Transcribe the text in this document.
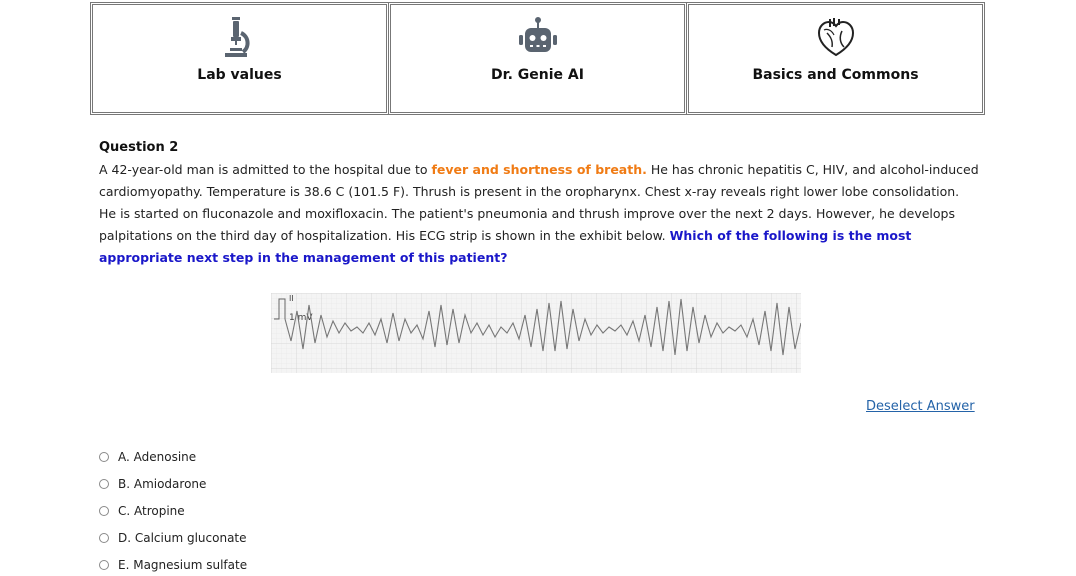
Lab values	Dr. Genie AI	Basics and Commons
Question 2
A 42-year-old man is admitted to the hospital due to fever and shortness of breath. He has chronic hepatitis C, HIV, and alcohol-induced cardiomyopathy. Temperature is 38.6 C (101.5 F). Thrush is present in the oropharynx. Chest x-ray reveals right lower lobe consolidation. He is started on fluconazole and moxifloxacin. The patient's pneumonia and thrush improve over the next 2 days. However, he develops palpitations on the third day of hospitalization. His ECG strip is shown in the exhibit below. Which of the following is the most appropriate next step in the management of this patient?
II
1 mV
Deselect Answer
A. Adenosine
B. Amiodarone
C. Atropine
D. Calcium gluconate
E. Magnesium sulfate
